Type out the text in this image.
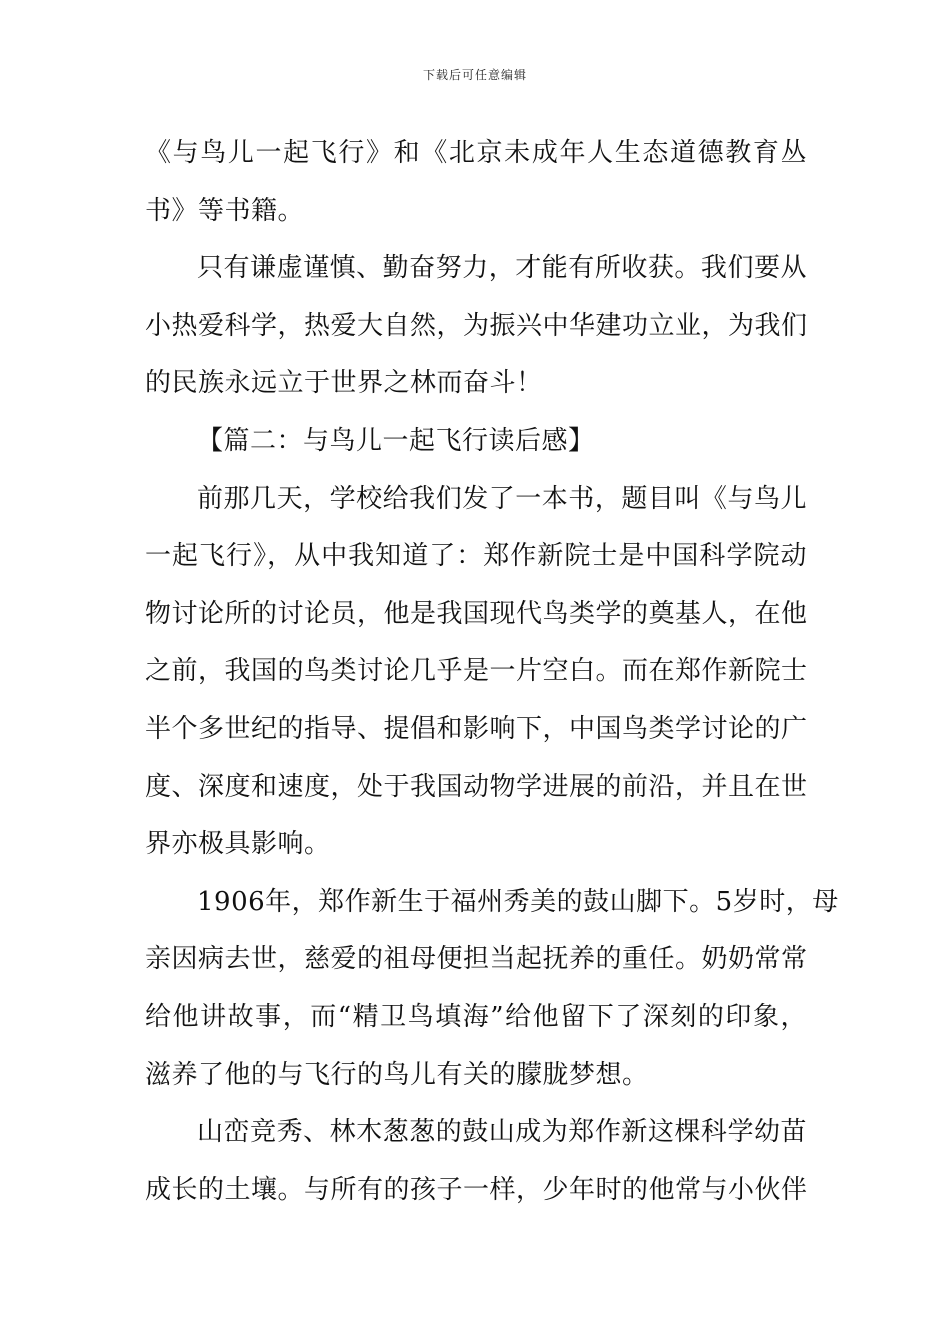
下载后可任意编辑
《与鸟儿一起飞行》和《北京未成年人生态道德教育丛
书》等书籍。
只有谦虚谨慎、勤奋努力，才能有所收获。我们要从
小热爱科学，热爱大自然，为振兴中华建功立业，为我们
的民族永远立于世界之林而奋斗！
【篇二：与鸟儿一起飞行读后感】
前那几天，学校给我们发了一本书，题目叫《与鸟儿
一起飞行》，从中我知道了：郑作新院士是中国科学院动
物讨论所的讨论员，他是我国现代鸟类学的奠基人，在他
之前，我国的鸟类讨论几乎是一片空白。而在郑作新院士
半个多世纪的指导、提倡和影响下，中国鸟类学讨论的广
度、深度和速度，处于我国动物学进展的前沿，并且在世
界亦极具影响。
1906年，郑作新生于福州秀美的鼓山脚下。5岁时，母
亲因病去世，慈爱的祖母便担当起抚养的重任。奶奶常常
给他讲故事，而“精卫鸟填海”给他留下了深刻的印象，
滋养了他的与飞行的鸟儿有关的朦胧梦想。
山峦竞秀、林木葱葱的鼓山成为郑作新这棵科学幼苗
成长的土壤。与所有的孩子一样，少年时的他常与小伙伴
